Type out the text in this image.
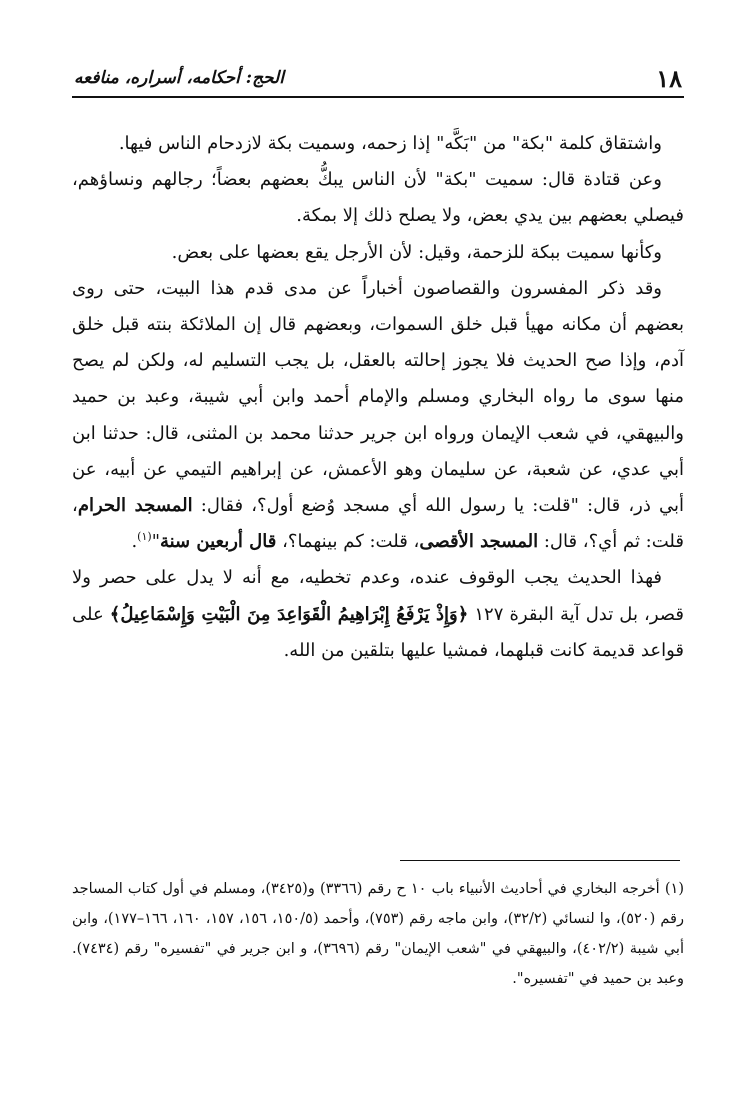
١٨
الحج: أحكامه، أسراره، منافعه

واشتقاق كلمة "بكة" من "بَكَّه" إذا زحمه، وسميت بكة لازدحام الناس فيها.

وعن قتادة قال: سميت "بكة" لأن الناس يبكُّ بعضهم بعضاً؛ رجالهم ونساؤهم، فيصلي بعضهم بين يدي بعض، ولا يصلح ذلك إلا بمكة.

وكأنها سميت ببكة للزحمة، وقيل: لأن الأرجل يقع بعضها على بعض.

وقد ذكر المفسرون والقصاصون أخباراً عن مدى قدم هذا البيت، حتى روى بعضهم أن مكانه مهيأ قبل خلق السموات، وبعضهم قال إن الملائكة بنته قبل خلق آدم، وإذا صح الحديث فلا يجوز إحالته بالعقل، بل يجب التسليم له، ولكن لم يصح منها سوى ما رواه البخاري ومسلم والإمام أحمد وابن أبي شيبة، وعبد بن حميد والبيهقي، في شعب الإيمان ورواه ابن جرير حدثنا محمد بن المثنى، قال: حدثنا ابن أبي عدي، عن شعبة، عن سليمان وهو الأعمش، عن إبراهيم التيمي عن أبيه، عن أبي ذر، قال: "قلت: يا رسول الله أي مسجد وُضع أول؟، فقال: المسجد الحرام، قلت: ثم أي؟، قال: المسجد الأقصى، قلت: كم بينهما؟، قال أربعين سنة"$^{(١)}$.

فهذا الحديث يجب الوقوف عنده، وعدم تخطيه، مع أنه لا يدل على حصر ولا قصر، بل تدل آية البقرة ١٢٧ ﴿وَإِذْ يَرْفَعُ إِبْرَاهِيمُ الْقَوَاعِدَ مِنَ الْبَيْتِ وَإِسْمَاعِيلُ﴾ على قواعد قديمة كانت قبلهما، فمشيا عليها بتلقين من الله.

(١) أخرجه البخاري في أحاديث الأنبياء باب ١٠ ح رقم (٣٣٦٦) و(٣٤٢٥)، ومسلم في أول كتاب المساجد رقم (٥٢٠)، وا لنسائي (٣٢/٢)، وابن ماجه رقم (٧٥٣)، وأحمد (١٥٠/٥، ١٥٦، ١٥٧، ١٦٠، ١٦٦–١٧٧)، وابن أبي شيبة (٤٠٢/٢)، والبيهقي في "شعب الإيمان" رقم (٣٦٩٦)، و ابن جرير في "تفسيره" رقم (٧٤٣٤). وعبد بن حميد في "تفسيره".
